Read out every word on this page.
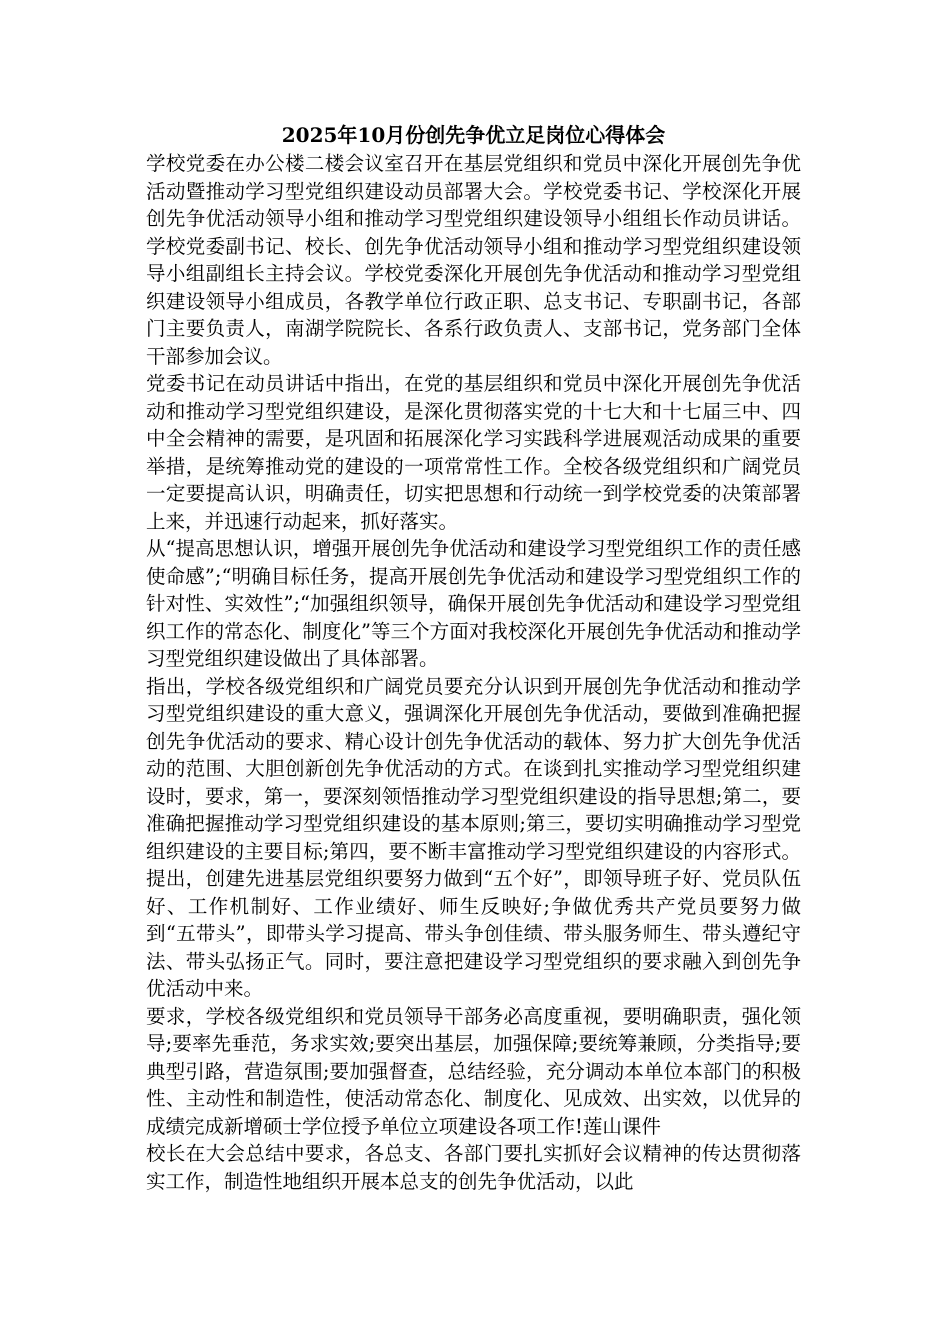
2025年10月份创先争优立足岗位心得体会

学校党委在办公楼二楼会议室召开在基层党组织和党员中深化开展创先争优活动暨推动学习型党组织建设动员部署大会。学校党委书记、学校深化开展创先争优活动领导小组和推动学习型党组织建设领导小组组长作动员讲话。学校党委副书记、校长、创先争优活动领导小组和推动学习型党组织建设领导小组副组长主持会议。学校党委深化开展创先争优活动和推动学习型党组织建设领导小组成员，各教学单位行政正职、总支书记、专职副书记，各部门主要负责人，南湖学院院长、各系行政负责人、支部书记，党务部门全体干部参加会议。

党委书记在动员讲话中指出，在党的基层组织和党员中深化开展创先争优活动和推动学习型党组织建设，是深化贯彻落实党的十七大和十七届三中、四中全会精神的需要，是巩固和拓展深化学习实践科学进展观活动成果的重要举措，是统筹推动党的建设的一项常常性工作。全校各级党组织和广阔党员一定要提高认识，明确责任，切实把思想和行动统一到学校党委的决策部署上来，并迅速行动起来，抓好落实。

从“提高思想认识，增强开展创先争优活动和建设学习型党组织工作的责任感使命感”;“明确目标任务，提高开展创先争优活动和建设学习型党组织工作的针对性、实效性”;“加强组织领导，确保开展创先争优活动和建设学习型党组织工作的常态化、制度化”等三个方面对我校深化开展创先争优活动和推动学习型党组织建设做出了具体部署。

指出，学校各级党组织和广阔党员要充分认识到开展创先争优活动和推动学习型党组织建设的重大意义，强调深化开展创先争优活动，要做到准确把握创先争优活动的要求、精心设计创先争优活动的载体、努力扩大创先争优活动的范围、大胆创新创先争优活动的方式。在谈到扎实推动学习型党组织建设时，要求，第一，要深刻领悟推动学习型党组织建设的指导思想;第二，要准确把握推动学习型党组织建设的基本原则;第三，要切实明确推动学习型党组织建设的主要目标;第四，要不断丰富推动学习型党组织建设的内容形式。提出，创建先进基层党组织要努力做到“五个好”，即领导班子好、党员队伍好、工作机制好、工作业绩好、师生反映好;争做优秀共产党员要努力做到“五带头”，即带头学习提高、带头争创佳绩、带头服务师生、带头遵纪守法、带头弘扬正气。同时，要注意把建设学习型党组织的要求融入到创先争优活动中来。

要求，学校各级党组织和党员领导干部务必高度重视，要明确职责，强化领导;要率先垂范，务求实效;要突出基层，加强保障;要统筹兼顾，分类指导;要典型引路，营造氛围;要加强督查，总结经验，充分调动本单位本部门的积极性、主动性和制造性，使活动常态化、制度化、见成效、出实效，以优异的成绩完成新增硕士学位授予单位立项建设各项工作!莲山课件

校长在大会总结中要求，各总支、各部门要扎实抓好会议精神的传达贯彻落实工作，制造性地组织开展本总支的创先争优活动，以此
